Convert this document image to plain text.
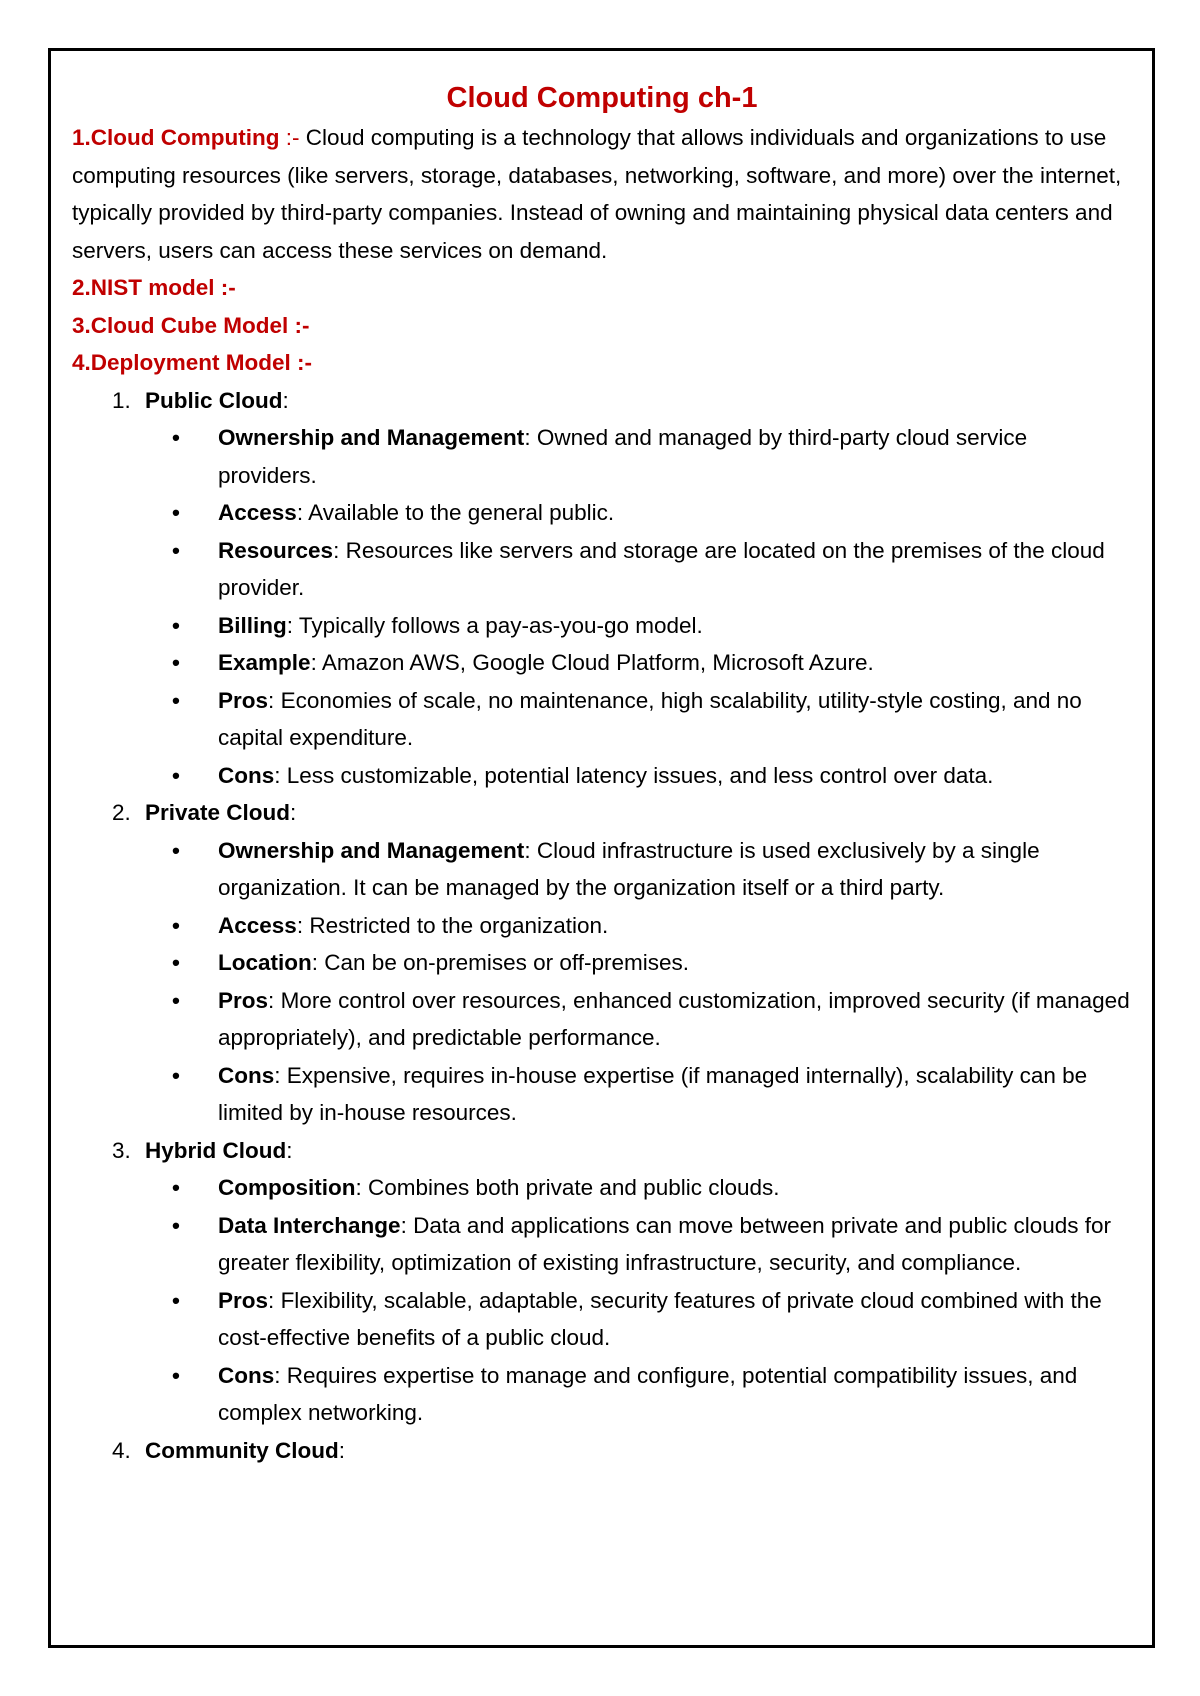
Cloud Computing ch-1

1.Cloud Computing :- Cloud computing is a technology that allows individuals and organizations to use computing resources (like servers, storage, databases, networking, software, and more) over the internet, typically provided by third-party companies. Instead of owning and maintaining physical data centers and servers, users can access these services on demand.

2.NIST model :-

3.Cloud Cube Model :-

4.Deployment Model :-

1. Public Cloud:
• Ownership and Management: Owned and managed by third-party cloud service providers.
• Access: Available to the general public.
• Resources: Resources like servers and storage are located on the premises of the cloud provider.
• Billing: Typically follows a pay-as-you-go model.
• Example: Amazon AWS, Google Cloud Platform, Microsoft Azure.
• Pros: Economies of scale, no maintenance, high scalability, utility-style costing, and no capital expenditure.
• Cons: Less customizable, potential latency issues, and less control over data.
2. Private Cloud:
• Ownership and Management: Cloud infrastructure is used exclusively by a single organization. It can be managed by the organization itself or a third party.
• Access: Restricted to the organization.
• Location: Can be on-premises or off-premises.
• Pros: More control over resources, enhanced customization, improved security (if managed appropriately), and predictable performance.
• Cons: Expensive, requires in-house expertise (if managed internally), scalability can be limited by in-house resources.
3. Hybrid Cloud:
• Composition: Combines both private and public clouds.
• Data Interchange: Data and applications can move between private and public clouds for greater flexibility, optimization of existing infrastructure, security, and compliance.
• Pros: Flexibility, scalable, adaptable, security features of private cloud combined with the cost-effective benefits of a public cloud.
• Cons: Requires expertise to manage and configure, potential compatibility issues, and complex networking.
4. Community Cloud:
